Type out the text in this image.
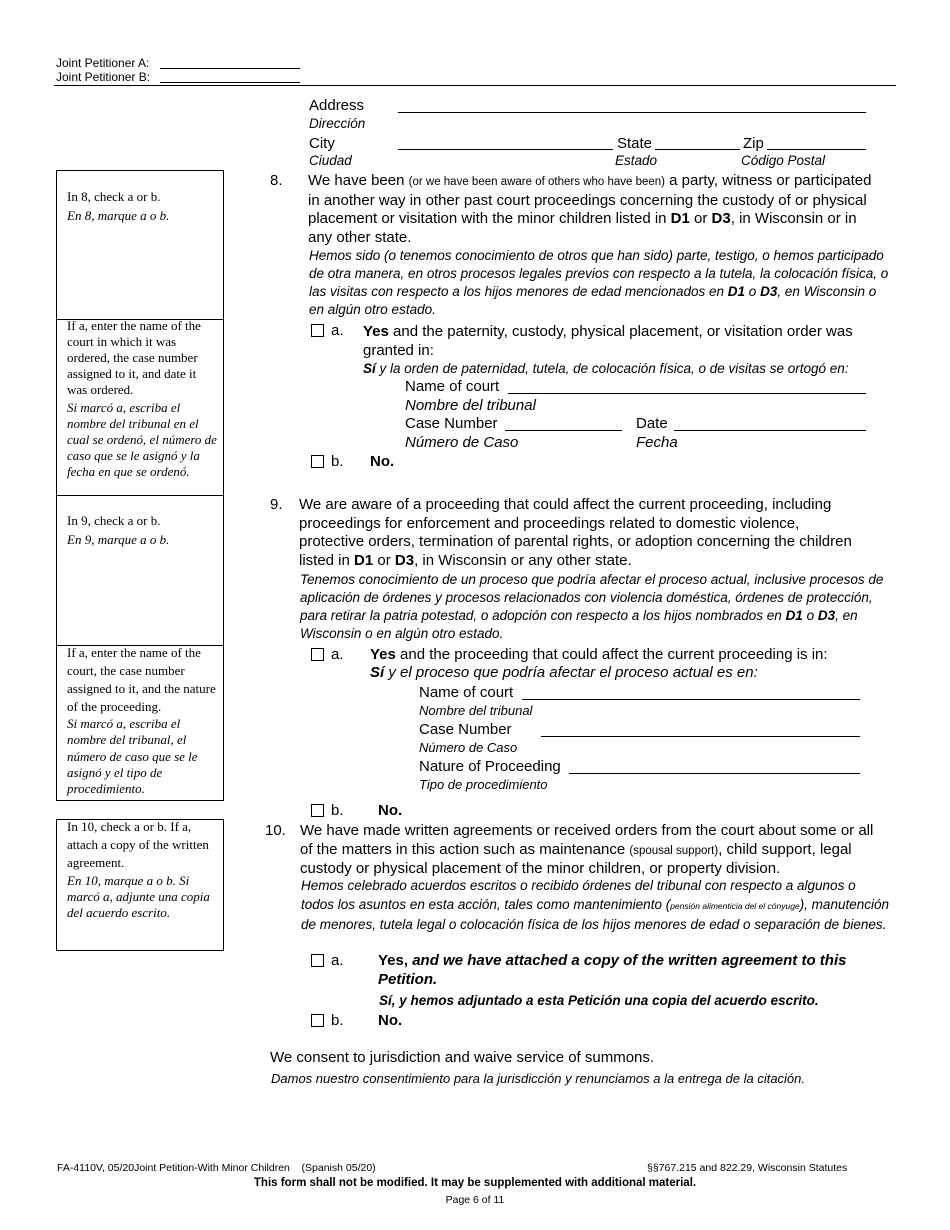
Joint Petitioner A:
Joint Petitioner B:
Address
Dirección
City	State	Zip
Ciudad	Estado	Código Postal
In 8, check a or b.
En 8, marque a o b.
If a, enter the name of the court in which it was ordered, the case number assigned to it, and date it was ordered.
Si marcó a, escriba el nombre del tribunal en el cual se ordenó, el número de caso que se le asignó y la fecha en que se ordenó.
In 9, check a or b.
En 9, marque a o b.
If a, enter the name of the court, the case number assigned to it, and the nature of the proceeding.
Si marcó a, escriba el nombre del tribunal, el número de caso que se le asignó y el tipo de procedimiento.
In 10, check a or b. If a, attach a copy of the written agreement.
En 10, marque a o b. Si marcó a, adjunte una copia del acuerdo escrito.
8. We have been (or we have been aware of others who have been) a party, witness or participated in another way in other past court proceedings concerning the custody of or physical placement or visitation with the minor children listed in D1 or D3, in Wisconsin or in any other state.
Hemos sido (o tenemos conocimiento de otros que han sido) parte, testigo, o hemos participado de otra manera, en otros procesos legales previos con respecto a la tutela, la colocación física, o las visitas con respecto a los hijos menores de edad mencionados en D1 o D3, en Wisconsin o en algún otro estado.
a. Yes and the paternity, custody, physical placement, or visitation order was granted in:
Sí y la orden de paternidad, tutela, de colocación física, o de visitas se ortogó en:
Name of court
Nombre del tribunal
Case Number	Date
Número de Caso	Fecha
b. No.
9. We are aware of a proceeding that could affect the current proceeding, including proceedings for enforcement and proceedings related to domestic violence, protective orders, termination of parental rights, or adoption concerning the children listed in D1 or D3, in Wisconsin or any other state.
Tenemos conocimiento de un proceso que podría afectar el proceso actual, inclusive procesos de aplicación de órdenes y procesos relacionados con violencia doméstica, órdenes de protección, para retirar la patria potestad, o adopción con respecto a los hijos nombrados en D1 o D3, en Wisconsin o en algún otro estado.
a. Yes and the proceeding that could affect the current proceeding is in:
Sí y el proceso que podría afectar el proceso actual es en:
Name of court
Nombre del tribunal
Case Number
Número de Caso
Nature of Proceeding
Tipo de procedimiento
b. No.
10. We have made written agreements or received orders from the court about some or all of the matters in this action such as maintenance (spousal support), child support, legal custody or physical placement of the minor children, or property division.
Hemos celebrado acuerdos escritos o recibido órdenes del tribunal con respecto a algunos o todos los asuntos en esta acción, tales como mantenimiento (pensión alimenticia del el cónyuge), manutención de menores, tutela legal o colocación física de los hijos menores de edad o separación de bienes.
a. Yes, and we have attached a copy of the written agreement to this Petition.
Sí, y hemos adjuntado a esta Petición una copia del acuerdo escrito.
b. No.
We consent to jurisdiction and waive service of summons.
Damos nuestro consentimiento para la jurisdicción y renunciamos a la entrega de la citación.
FA-4110V, 05/20Joint Petition-With Minor Children    (Spanish 05/20)	§§767.215 and 822.29, Wisconsin Statutes
This form shall not be modified. It may be supplemented with additional material.
Page 6 of 11
